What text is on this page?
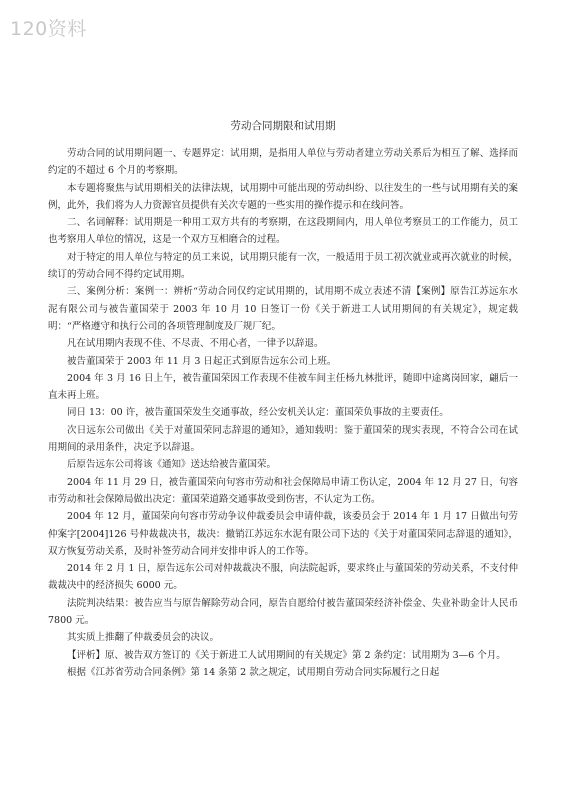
120资料
劳动合同期限和试用期

劳动合同的试用期问题一、专题界定：试用期，是指用人单位与劳动者建立劳动关系后为相互了解、选择而约定的不超过 6 个月的考察期。

本专题将聚焦与试用期相关的法律法规，试用期中可能出现的劳动纠纷、以往发生的一些与试用期有关的案例，此外，我们将为人力资源官员提供有关次专题的一些实用的操作提示和在线问答。

二、名词解释：试用期是一种用工双方共有的考察期，在这段期间内，用人单位考察员工的工作能力，员工也考察用人单位的情况，这是一个双方互相磨合的过程。

对于特定的用人单位与特定的员工来说，试用期只能有一次，一般适用于员工初次就业或再次就业的时候，续订的劳动合同不得约定试用期。

三、案例分析：案例一：辨析“劳动合同仅约定试用期的，试用期不成立表述不清【案例】原告江苏远东水泥有限公司与被告董国荣于 2003 年 10 月 10 日签订一份《关于新进工人试用期间的有关规定》，规定载明：“严格遵守和执行公司的各项管理制度及厂规厂纪。

凡在试用期内表现不佳、不尽责、不用心者，一律予以辞退。

被告董国荣于 2003 年 11 月 3 日起正式到原告远东公司上班。

2004 年 3 月 16 日上午，被告董国荣因工作表现不佳被车间主任杨九林批评，随即中途离岗回家，翩后一直未再上班。

同日 13：00 许，被告董国荣发生交通事故，经公安机关认定：董国荣负事故的主要责任。

次日远东公司做出《关于对董国荣同志辞退的通知》，通知载明：鉴于董国荣的现实表现，不符合公司在试用期间的录用条件，决定予以辞退。

后原告远东公司将该《通知》送达给被告董国荣。

2004 年 11 月 29 日，被告董国荣向句容市劳动和社会保障局申请工伤认定，2004 年 12 月 27 日，句容市劳动和社会保障局做出决定：董国荣道路交通事故受到伤害，不认定为工伤。

2004 年 12 月，董国荣向句容市劳动争议仲裁委员会申请仲裁，该委员会于 2014 年 1 月 17 日做出句劳仲案字[2004]126 号仲裁裁决书，裁决：撤销江苏远东水泥有限公司下达的《关于对董国荣同志辞退的通知》，双方恢复劳动关系，及时补签劳动合同并安排申诉人的工作等。

2014 年 2 月 1 日，原告远东公司对仲裁裁决不服，向法院起诉，要求终止与董国荣的劳动关系，不支付仲裁裁决中的经济损失 6000 元。

法院判决结果：被告应当与原告解除劳动合同，原告自愿给付被告董国荣经济补偿金、失业补助金计人民币 7800 元。

其实质上推翻了仲裁委员会的决议。

【评析】原、被告双方签订的《关于新进工人试用期间的有关规定》第 2 条约定：试用期为 3—6 个月。

根据《江苏省劳动合同条例》第 14 条第 2 款之规定，试用期自劳动合同实际履行之日起
